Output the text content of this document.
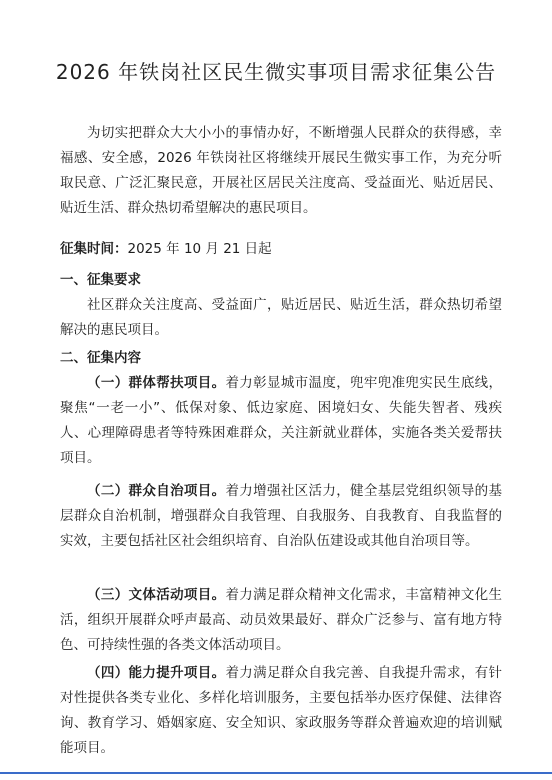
2026 年铁岗社区民生微实事项目需求征集公告

为切实把群众大大小小的事情办好，不断增强人民群众的获得感，幸福感、安全感，2026 年铁岗社区将继续开展民生微实事工作，为充分听取民意、广泛汇聚民意，开展社区居民关注度高、受益面光、贴近居民、贴近生活、群众热切希望解决的惠民项目。

征集时间：2025 年 10 月 21 日起

一、征集要求

社区群众关注度高、受益面广，贴近居民、贴近生活，群众热切希望解决的惠民项目。

二、征集内容

（一）群体帮扶项目。着力彰显城市温度，兜牢兜准兜实民生底线，聚焦“一老一小”、低保对象、低边家庭、困境妇女、失能失智者、残疾人、心理障碍患者等特殊困难群众，关注新就业群体，实施各类关爱帮扶项目。

（二）群众自治项目。着力增强社区活力，健全基层党组织领导的基层群众自治机制，增强群众自我管理、自我服务、自我教育、自我监督的实效，主要包括社区社会组织培育、自治队伍建设或其他自治项目等。

（三）文体活动项目。着力满足群众精神文化需求，丰富精神文化生活，组织开展群众呼声最高、动员效果最好、群众广泛参与、富有地方特色、可持续性强的各类文体活动项目。

（四）能力提升项目。着力满足群众自我完善、自我提升需求，有针对性提供各类专业化、多样化培训服务，主要包括举办医疗保健、法律咨询、教育学习、婚姻家庭、安全知识、家政服务等群众普遍欢迎的培训赋能项目。
